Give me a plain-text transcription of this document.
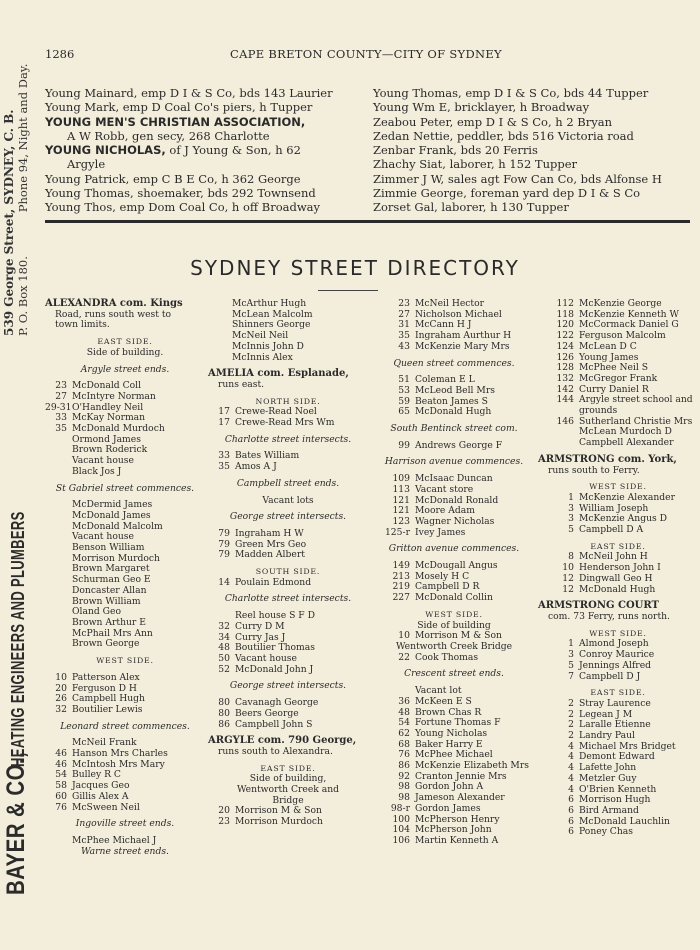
BAYER & CO., HEATING ENGINEERS AND PLUMBERS
539 George Street, SYDNEY, C. B. P. O. Box 180.            Phone 94, Night and Day.
1286	CAPE BRETON COUNTY—CITY OF SYDNEY
Young Mainard, emp D I & S Co, bds 143 Laurier
Young Mark, emp D Coal Co's piers, h Tupper
YOUNG MEN'S CHRISTIAN ASSOCIATION,
A W Robb, gen secy, 268 Charlotte
YOUNG NICHOLAS, of J Young & Son, h 62
Argyle
Young Patrick, emp C B E Co, h 362 George
Young Thomas, shoemaker, bds 292 Townsend
Young Thos, emp Dom Coal Co, h off Broadway
Young Thomas, emp D I & S Co, bds 44 Tupper
Young Wm E, bricklayer, h Broadway
Zeabou Peter, emp D I & S Co, h 2 Bryan
Zedan Nettie, peddler, bds 516 Victoria road
Zenbar Frank, bds 20 Ferris
Zhachy Siat, laborer, h 152 Tupper
Zimmer J W, sales agt Fow Can Co, bds Alfonse H
Zimmie George, foreman yard dep D I & S Co
Zorset Gal, laborer, h 130 Tupper
SYDNEY STREET DIRECTORY
ALEXANDRA com. Kings
Road, runs south west to
town limits.
EAST SIDE.
Side of building.
Argyle street ends.
23 McDonald Coll
27 McIntyre Norman
29-31O'Handley Neil
33 McKay Norman
35 McDonald Murdoch
Ormond James
Brown Roderick
Vacant house
Black Jos J
St Gabriel street commences.
McDermid James
McDonald James
McDonald Malcolm
Vacant house
Benson William
Morrison Murdoch
Brown Margaret
Schurman Geo E
Doncaster Allan
Brown William
Oland Geo
Brown Arthur E
McPhail Mrs Ann
Brown George
WEST SIDE.
10 Patterson Alex
20 Ferguson D H
26 Campbell Hugh
32 Boutilier Lewis
Leonard street commences.
McNeil Frank
46 Hanson Mrs Charles
46 McIntosh Mrs Mary
54 Bulley R C
58 Jacques Geo
60 Gillis Alex A
76 McSween Neil
Ingoville street ends.
McPhee Michael J
Warne street ends.
McArthur Hugh
McLean Malcolm
Shinners George
McNeil Neil
McInnis John D
McInnis Alex
AMELIA com. Esplanade,
runs east.
NORTH SIDE.
17 Crewe-Read Noel
17 Crewe-Read Mrs Wm
Charlotte street intersects.
33 Bates William
35 Amos A J
Campbell street ends.
Vacant lots
George street intersects.
79 Ingraham H W
79 Green Mrs Geo
79 Madden Albert
SOUTH SIDE.
14 Poulain Edmond
Charlotte street intersects.
Reel house S F D
32 Curry D M
34 Curry Jas J
48 Boutilier Thomas
50 Vacant house
52 McDonald John J
George street intersects.
80 Cavanagh George
80 Beers George
86 Campbell John S
ARGYLE com. 790 George,
runs south to Alexandra.
EAST SIDE.
Side of building,
Wentworth Creek and
Bridge
20 Morrison M & Son
23 Morrison Murdoch
23 McNeil Hector
27 Nicholson Michael
31 McCann H J
35 Ingraham Aurthur H
43 McKenzie Mary Mrs
Queen street commences.
51 Coleman E L
53 McLeod Bell Mrs
59 Beaton James S
65 McDonald Hugh
South Bentinck street com.
99 Andrews George F
Harrison avenue commences.
109 McIsaac Duncan
113 Vacant store
121 McDonald Ronald
121 Moore Adam
123 Wagner Nicholas
125-r Ivey James
Gritton avenue commences.
149 McDougall Angus
213 Mosely H C
219 Campbell D R
227 McDonald Collin
WEST SIDE.
Side of building
10 Morrison M & Son
Wentworth Creek Bridge
22 Cook Thomas
Crescent street ends.
Vacant lot
36 McKeen E S
48 Brown Chas R
54 Fortune Thomas F
62 Young Nicholas
68 Baker Harry E
76 McPhee Michael
86 McKenzie Elizabeth Mrs
92 Cranton Jennie Mrs
98 Gordon John A
98 Jameson Alexander
98-r Gordon James
100 McPherson Henry
104 McPherson John
106 Martin Kenneth A
112 McKenzie George
118 McKenzie Kenneth W
120 McCormack Daniel G
122 Ferguson Malcolm
124 McLean D C
126 Young James
128 McPhee Neil S
132 McGregor Frank
142 Curry Daniel R
144 Argyle street school and
grounds
146 Sutherland Christie Mrs
McLean Murdoch D
Campbell Alexander
ARMSTRONG com. York,
runs south to Ferry.
WEST SIDE.
1 McKenzie Alexander
3 William Joseph
3 McKenzie Angus D
5 Campbell D A
EAST SIDE.
8 McNeil John H
10 Henderson John I
12 Dingwall Geo H
12 McDonald Hugh
ARMSTRONG COURT
com. 73 Ferry, runs north.
WEST SIDE.
1 Almond Joseph
3 Conroy Maurice
5 Jennings Alfred
7 Campbell D J
EAST SIDE.
2 Stray Laurence
2 Legean J M
2 Laralle Etienne
2 Landry Paul
4 Michael Mrs Bridget
4 Demont Edward
4 Lafette John
4 Metzler Guy
4 O'Brien Kenneth
6 Morrison Hugh
6 Bird Armand
6 McDonald Lauchlin
6 Poney Chas
